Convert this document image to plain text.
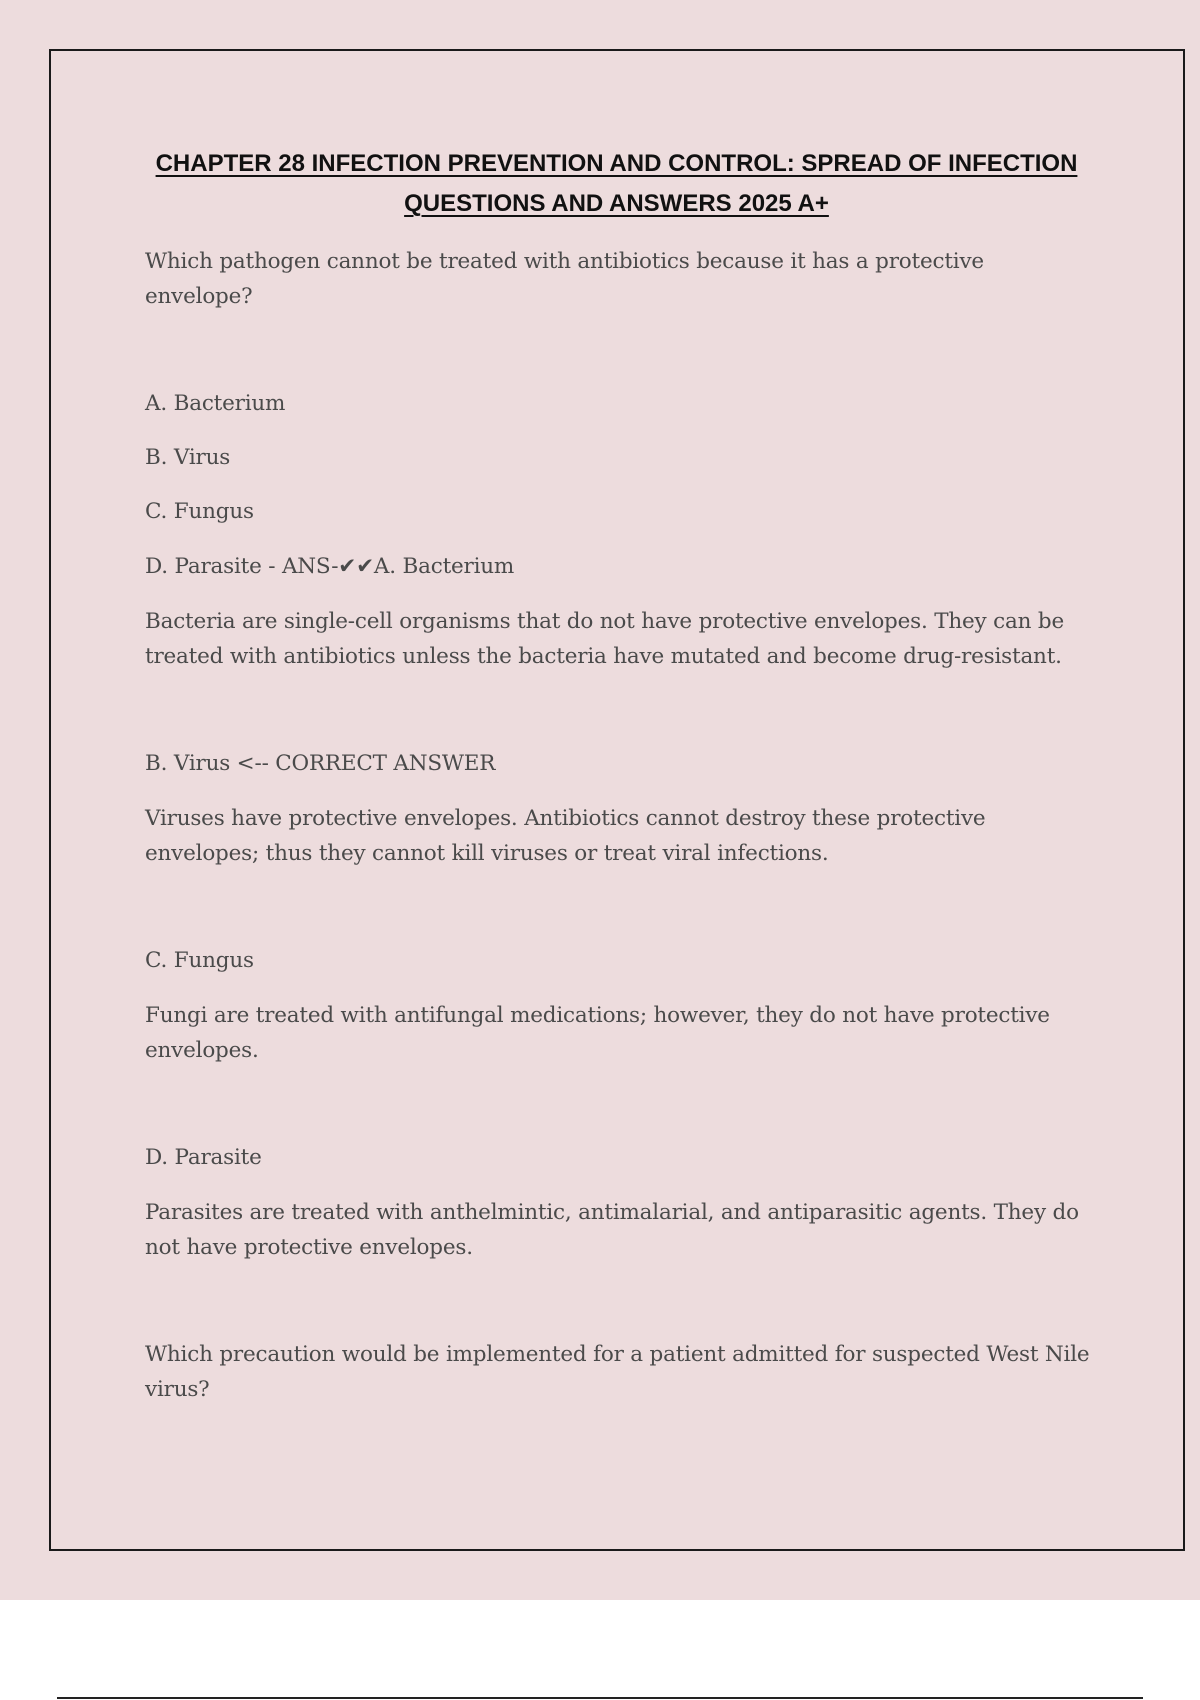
CHAPTER 28 INFECTION PREVENTION AND CONTROL: SPREAD OF INFECTION
QUESTIONS AND ANSWERS 2025 A+

Which pathogen cannot be treated with antibiotics because it has a protective envelope?

A. Bacterium

B. Virus

C. Fungus

D. Parasite - ANS-✔✔A. Bacterium

Bacteria are single-cell organisms that do not have protective envelopes. They can be treated with antibiotics unless the bacteria have mutated and become drug-resistant.

B. Virus <-- CORRECT ANSWER

Viruses have protective envelopes. Antibiotics cannot destroy these protective envelopes; thus they cannot kill viruses or treat viral infections.

C. Fungus

Fungi are treated with antifungal medications; however, they do not have protective envelopes.

D. Parasite

Parasites are treated with anthelmintic, antimalarial, and antiparasitic agents. They do not have protective envelopes.

Which precaution would be implemented for a patient admitted for suspected West Nile virus?
